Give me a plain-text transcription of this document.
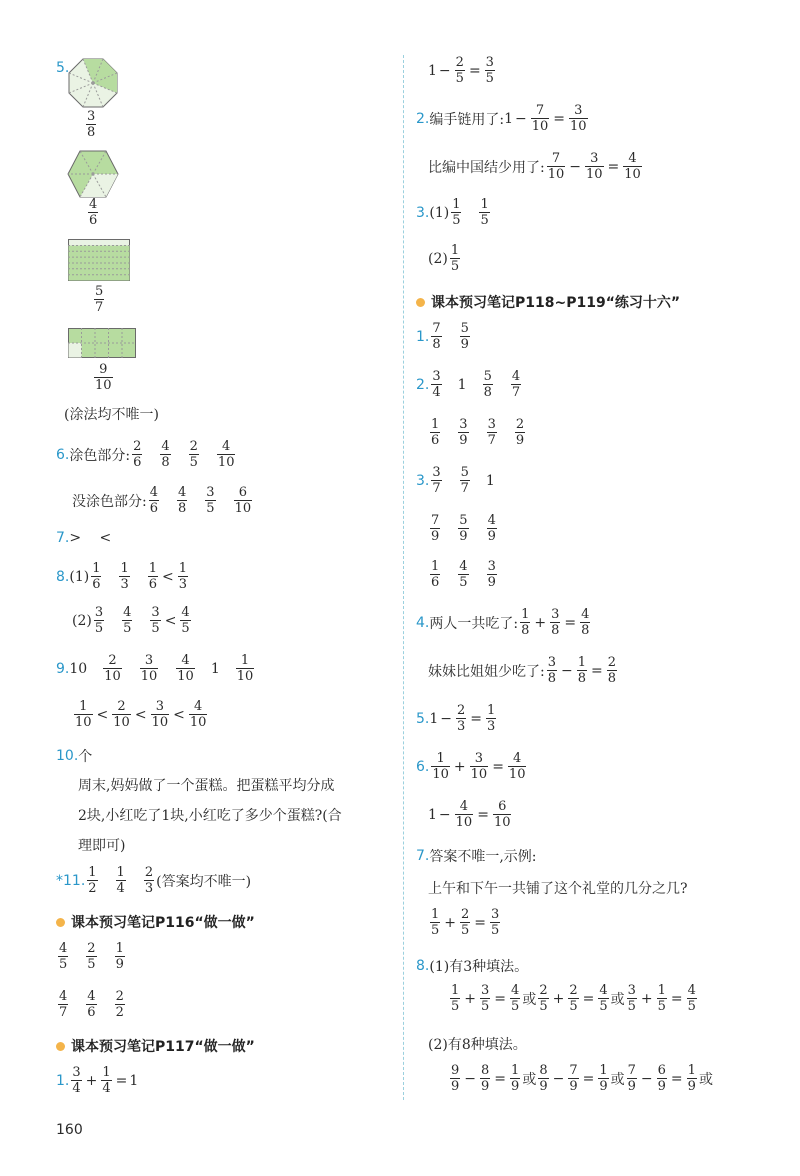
5.
$\frac{3}{8}$
$\frac{4}{6}$
$\frac{5}{7}$
$\frac{9}{10}$
(涂法均不唯一)
6. 涂色部分: $\frac{2}{6} \frac{4}{8} \frac{2}{5} \frac{4}{10}$
没涂色部分: $\frac{4}{6} \frac{4}{8} \frac{3}{5} \frac{6}{10}$
7. > <
8. $(1) \frac{1}{6} \frac{1}{3} \frac{1}{6} < \frac{1}{3}$
$(2) \frac{3}{5} \frac{4}{5} \frac{3}{5} < \frac{4}{5}$
9. $10 \frac{2}{10} \frac{3}{10} \frac{4}{10} 1 \frac{1}{10}$
$\frac{1}{10} < \frac{2}{10} < \frac{3}{10} < \frac{4}{10}$
10. 个
周末,妈妈做了一个蛋糕。把蛋糕平均分成
2块,小红吃了1块,小红吃了多少个蛋糕?(合
理即可)
*11. $\frac{1}{2} \frac{1}{4} \frac{2}{3}$ (答案均不唯一)
课本预习笔记P116“做一做”
$\frac{4}{5} \frac{2}{5} \frac{1}{9}$
$\frac{4}{7} \frac{4}{6} \frac{2}{2}$
课本预习笔记P117“做一做”
1. $\frac{3}{4} + \frac{1}{4} = 1$
160
$1 - \frac{2}{5} = \frac{3}{5}$
2. 编手链用了: $1 - \frac{7}{10} = \frac{3}{10}$
比编中国结少用了: $\frac{7}{10} - \frac{3}{10} = \frac{4}{10}$
3. $(1) \frac{1}{5} \frac{1}{5}$
$(2) \frac{1}{5}$
课本预习笔记P118~P119“练习十六”
1. $\frac{7}{8} \frac{5}{9}$
2. $\frac{3}{4} 1 \frac{5}{8} \frac{4}{7}$
$\frac{1}{6} \frac{3}{9} \frac{3}{7} \frac{2}{9}$
3. $\frac{3}{7} \frac{5}{7} 1$
$\frac{7}{9} \frac{5}{9} \frac{4}{9}$
$\frac{1}{6} \frac{4}{5} \frac{3}{9}$
4. 两人一共吃了: $\frac{1}{8} + \frac{3}{8} = \frac{4}{8}$
妹妹比姐姐少吃了: $\frac{3}{8} - \frac{1}{8} = \frac{2}{8}$
5. $1 - \frac{2}{3} = \frac{1}{3}$
6. $\frac{1}{10} + \frac{3}{10} = \frac{4}{10}$
$1 - \frac{4}{10} = \frac{6}{10}$
7. 答案不唯一,示例:
上午和下午一共铺了这个礼堂的几分之几?
$\frac{1}{5} + \frac{2}{5} = \frac{3}{5}$
8. (1)有3种填法。
$\frac{1}{5} + \frac{3}{5} = \frac{4}{5}$ 或 $\frac{2}{5} + \frac{2}{5} = \frac{4}{5}$ 或 $\frac{3}{5} + \frac{1}{5} = \frac{4}{5}$
(2)有8种填法。
$\frac{9}{9} - \frac{8}{9} = \frac{1}{9}$ 或 $\frac{8}{9} - \frac{7}{9} = \frac{1}{9}$ 或 $\frac{7}{9} - \frac{6}{9} = \frac{1}{9}$ 或
